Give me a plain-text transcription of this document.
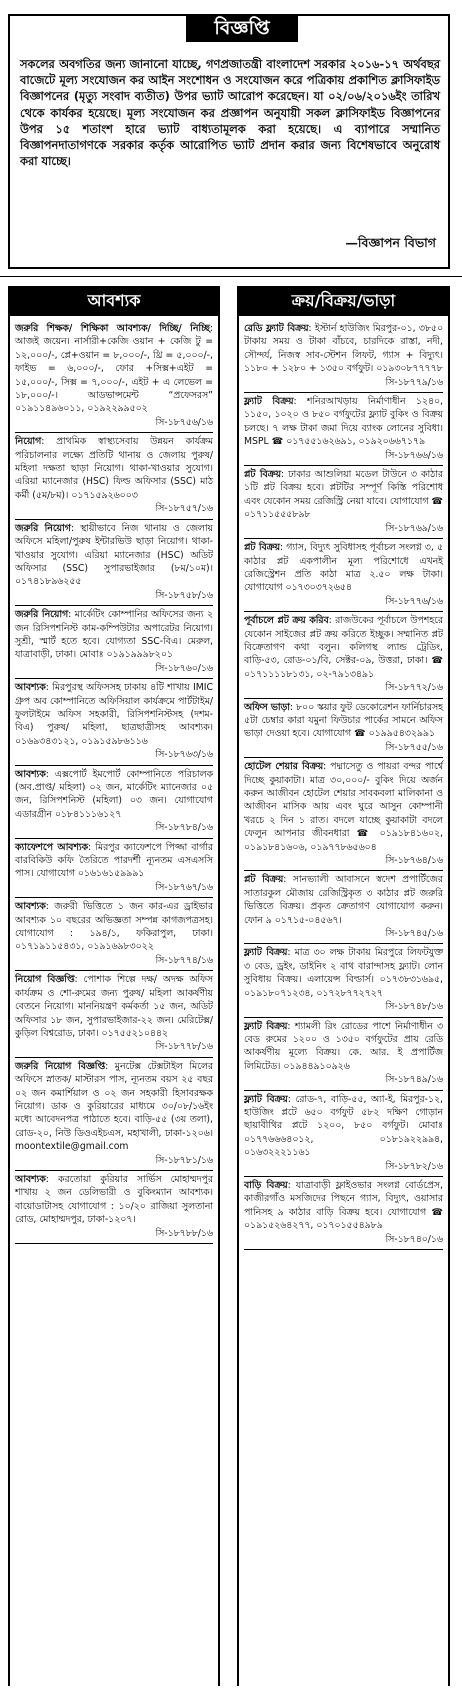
বিজ্ঞপ্তি

সকলের অবগতির জন্য জানানো যাচ্ছে, গণপ্রজাতন্ত্রী বাংলাদেশ সরকার ২০১৬-১৭ অর্থবছর বাজেটে মূল্য সংযোজন কর আইন সংশোধন ও সংযোজন করে পত্রিকায় প্রকাশিত ক্লাসিফাইড বিজ্ঞাপনের (মৃত্যু সংবাদ ব্যতীত) উপর ভ্যাট আরোপ করেছেন। যা ০২/০৬/২০১৬ইং তারিখ থেকে কার্যকর হয়েছে। মূল্য সংযোজন কর প্রজ্ঞাপন অনুযায়ী সকল ক্লাসিফাইড বিজ্ঞাপনের উপর ১৫ শতাংশ হারে ভ্যাট বাধ্যতামূলক করা হয়েছে। এ ব্যাপারে সম্মানিত বিজ্ঞাপনদাতাগণকে সরকার কর্তৃক আরোপিত ভ্যাট প্রদান করার জন্য বিশেষভাবে অনুরোধ করা যাচ্ছে।

—বিজ্ঞাপন বিভাগ
আবশ্যক

জরুরি শিক্ষক/ শিক্ষিকা আবশ্যক/ দিচ্ছি/ নিচ্ছি: আজই জয়েন। নার্সারী+কেজি ওয়ান + কেজি টু = ১২,০০০/-, প্লে+ওয়ান = ৮,০০০/-, থ্রি = ৫,০০০/-, ফাইভ = ৬,০০০/-, ফোর +সিক্স+এইট = ১৫,০০০/-, সিক্স = ৭,০০০/-, এইট + এ লেভেল = ১৮,০০০/-। আডভান্সমেন্ট “প্রফেসরস” ০১৯১১৪৯৬০১১, ০১৯২২৯৯৫০২
সি-১৮৭৫৬/১৬

নিয়োগ: প্রাথমিক স্বাস্থ্যসেবায় উন্নয়ন কার্যক্রম পরিচালনার লক্ষ্যে প্রতিটি থানায় ও জেলায় পুরুষ/ মহিলা দক্ষতা ছাড়া নিয়োগ। থাকা-খাওয়ার সুযোগ। এরিয়া ম্যানেজার (HSC) ফিল্ড অফিসার (SSC) মাঠ কর্মী (৫ম/৮ম)। ০১৭১৫৯২৬০০৩
সি-১৮৭৫৭/১৬

জরুরি নিয়োগ: স্থায়ীভাবে নিজ থানায় ও জেলায় অফিসে মহিলা/পুরুষ ইন্টারভিউ ছাড়া নিয়োগ। থাকা-খাওয়ার সুযোগ। এরিয়া ম্যানেজার (HSC) অডিট অফিসার (SSC) সুপারভাইজার (৮ম/১০ম)। ০১৭৪১৮৯৬২৫৫
সি-১৮৭৫৮/১৬

জরুরি নিয়োগ: মার্কেটিং কোম্পানির অফিসের জন্য ২ জন রিসিপশনিস্ট কাম-কম্পিউটার অপারেটর নিয়োগ। সুশ্রী, স্মার্ট হতে হবে। যোগ্যতা SSC-বিএ। মেরুল, যাত্রাবাড়ী, ঢাকা। মোবাঃ ০১৯১৯৯৯৮২০১
সি-১৮৭৬০/১৬

আবশ্যক: মিরপুরস্থ অফিসসহ ঢাকায় ৪টি শাখায় IMIC গ্রুপ অব কোম্পানিতে অফিসিয়াল কার্যক্রমে পার্টটাইম/ ফুলটাইমে অফিস সহকারী, রিসিপশনিস্টসহ (দশম-বিএ) পুরুষ/ মহিলা, ছাত্রছাত্রীসহ আবশ্যক। ০১৬৯৩৪৩১২১, ০১৯১৫৯৮৬১১৬
সি-১৮৭৬৩/১৬

আবশ্যক: এক্সপোর্ট ইমপোর্ট কোম্পানিতে পরিচালক (অব.প্রাপ্ত/ মহিলা) ০২ জন, মার্কেটিং ম্যানেজার ০৫ জন, রিসিপশনিস্ট (মহিলা) ০৩ জন। যোগাযোগ এডারগ্রীন ০১৮৪১১১৬১২৭
সি-১৮৭৮৪/১৬

ক্যাফেশপে আবশ্যক: মিরপুর ক্যাফেশপে পিজ্জা বার্গার বারবিকিউ কফি তৈরিতে পারদর্শী ন্যূনতম এসএসসি পাস। যোগাযোগ ০১৬১৬১৫৯৯৯১
সি-১৮৭৬৭/১৬

আবশ্যক: জরুরী ভিত্তিতে ১ জন কার-এর ড্রাইভার আবশ্যক ১০ বছরের অভিজ্ঞতা সম্পন্ন কাগজপত্রসহ। যোগাযোগ : ১৯৪/১, ফকিরাপুল, ঢাকা। ০১৭১৯১১৫৪৩১, ০১৯১৬৯৮৩০২২
সি-১৮৭৭৪/১৬

নিয়োগ বিজ্ঞপ্তি: পোশাক শিল্পে দক্ষ/ অদক্ষ অফিস কার্যক্রম ও শো-রুমের জন্য পুরুষ/ মহিলা আকর্ষণীয় বেতনে নিয়োগ। মাননিয়ন্ত্রণ কর্মকর্তা ১৫ জন, অডিট অফিসার ১৮ জন, সুপারভাইজার-২২ জন। মেরিটেক্স/ কুড়িল বিশ্বরোড, ঢাকা। ০১৭৫৫২১০৪৪২
সি-১৮৭৭৮/১৬

জরুরি নিয়োগ বিজ্ঞপ্তি: মুনটেক্স টেক্সটাইল মিলের অফিসে স্নাতক/ মাস্টারস পাস, ন্যূনতম বয়স ২৫ বছর ০২ জন কমার্শিয়াল ও ০২ জন সহকারী হিসাবরক্ষক নিয়োগ। ডাক ও কুরিয়ারের মাধ্যমে ৩০/০৮/১৬ইং মধ্যে আবেদনপত্র পাঠাতে হবে। বাড়ি-৫৫ (৩য় তলা), রোড-২০, নিউ ডিওএইচএস, মহাখালী, ঢাকা-১২০৬। moontextile@gmail.com
সি-১৮৭৮১/১৬

আবশ্যক: করতোয়া কুরিয়ার সার্ভিস মোহাম্মদপুর শাখায় ২ জন ডেলিভারী ও বুকিংম্যান আবশ্যক। বায়োডাটাসহ যোগাযোগ : ১০/২০ রাজিয়া সুলতানা রোড, মোহাম্মদপুর, ঢাকা-১২০৭।
সি-১৮৭৮৮/১৬

ক্রয়/বিক্রয়/ভাড়া

রেডি ফ্ল্যাট বিক্রয়: ইস্টার্ন হাউজিং মিরপুর-০১, ৩৮৫০ টাকায় সময় ও টাকা বাঁচবে, চারদিকে রাস্তা, নদী, সৌন্দর্য, নিজস্ব সাব-স্টেশন লিফট, গ্যাস + বিদ্যুৎ। ১১৮০ + ১২৮০ + ১৩৫০ বর্গফুট। ০১৯৩০৮৭৭৭৭৮
সি-১৮৭৭৯/১৬

ফ্ল্যাট বিক্রয়: শনিরআখড়ায় নির্মাণাধীন ১২৪০, ১১৫০, ১০২০ ও ৮৫০ বর্গফুটের ফ্ল্যাট বুকিং ও বিক্রয় চলছে। ৭ লক্ষ টাকা জমা দিয়ে ব্যাংক লোনের সুবিধা। MSPL ☎ ০১৭৫৫১৬২৬৯১, ০১৯২০৬৬৭১৭৯
সি-১৮৭৬৬/১৬

প্লট বিক্রয়: ঢাকার আশুলিয়া মডেল টাউনে ৩ কাঠার ১টি প্লট বিক্রয় হবে। প্লটটির সম্পূর্ণ কিস্তি পরিশোধ এবং যেকোন সময় রেজিস্ট্রি নেয়া যাবে। যোগাযোগ ☎ ০১৭১১৫৫৫৮৯৮
সি-১৮৭৬৯/১৬

প্লট বিক্রয়: গ্যাস, বিদ্যুৎ সুবিধাসহ পূর্বাচল সংলগ্ন ৩, ৫ কাঠার প্লট একপালীন মূল্য পরিশোধে এখনই রেজিস্ট্রেশন প্রতি কাঠা মাত্র ২.৫০ লক্ষ টাকা। যোগাযোগ ০১৭৩০৩৭২৬৫৪
সি-১৮৭৭৬/১৬

পূর্বাচলে প্লট ক্রয় করিব: রাজউকের পূর্বাচলে উপশহরে যেকোন সাইজের প্লট ক্রয় করিতে ইচ্ছুক। সম্মানিত প্লট বিক্রেতাগণ কথা বলুন। কলিগস্থ ল্যান্ড ট্রেডিং, বাড়ি-৫৩, রোড-০১/বি, সেক্টর-০৯, উত্তরা, ঢাকা। ☎ ০১৭১১১১৮১৩১, ০২-৭৯১৩৪৯১
সি-১৮৭৭২/১৬

অফিস ভাড়া: ৮০০ স্কয়ার ফুট ডেকোরেশন ফার্নিচারসহ ৫টা চেম্বার কারা যমুনা ফিউচার পার্কের সামনে অফিস ভাড়া দেওয়া হবে। যোগাযোগ ☎ ০১৯৯৫৪৩২৯৯১
সি-১৮৭৫৫/১৬

হোটেল শেয়ার বিক্রয়: পদ্মাসেতু ও পায়রা বন্দর পার্শ্বে দিচ্ছে কুয়াকাটা। মাত্র ৩০,০০০/- বুকিং দিয়ে অর্জন করুন আজীবন হোটেল শেয়ার সাবকবলা মালিকানা ও আজীবন মাসিক আয় এবং ঘুরে আসুন কোম্পানী খরচে ২ দিন ১ রাত। বদলে যাচ্ছে কুয়াকাটা বদলে ফেলুন আপনার জীবনধারা ☎ ০১৯১৮৪১৬০২, ০১৯১৮৪১৬০৬, ০১৯৭৭৮৬৫৬০৪
সি-১৮৭৬৪/১৬

প্লট বিক্রয়: সানভ্যালী আবাসনে স্বদেশ প্রপার্টিজের সাতারকুল মৌজায় রেজিস্ট্রিকৃত ৩ কাঠার প্লট জরুরি ভিত্তিতে বিক্রয়। প্রকৃত ক্রেতাগণ যোগাযোগ করুন। ফোন ৯ ০১৭১৫-০৪৫৬৭।
সি-১৮৭৪৫/১৬

ফ্ল্যাট বিক্রয়: মাত্র ৩০ লক্ষ টাকায় মিরপুরে লিফটযুক্ত ৩ বেড, ড্রইং, ডাইনিং ২ বাথ বারান্দাসহ ফ্ল্যাট। লোন সুবিধায় বিক্রয়। এলায়েন্স বিল্ডার্স। ০১৭৩৮৩১৬৯৫, ০১৯১৮০৭১২৩৪, ০১৭২৮৭৭২৭২৭
সি-১৮৭৪৮/১৬

ফ্ল্যাট বিক্রয়: শ্যামলী রিং রোডের পাশে নির্মাণাধীন ৩ বেড রুমের ১২০০ ও ১৩৫০ বর্গফুটের প্রায় রেডি আকর্ষণীয় মূল্যে বিক্রয়। কে. আর. ই প্রপার্টিজ লিমিটেড। ০১৯৪৪৯১০৯২৬
সি-১৮৭৪৯/১৬

ফ্ল্যাট বিক্রয়: রোড-৭, বাড়ি-৫৫, অ্যা-ই, মিরপুর-১২, হাউজিং প্লটে ৬৫০ বর্গফুট ৫৮২ দক্ষিণ গোড়ান ছায়াবীথির প্লটে ১২০০, ৮৫০ বর্গফুট। মোবাঃ ০১৭৭৬৬৬৪০১২, ০১৮১৯২২৯৯৪, ০১৬৩২২২১১৬১
সি-১৮৭৮২/১৬

বাড়ি বিক্রয়: যাত্রাবাড়ী ফ্লাইওভার সংলগ্ন বোর্ডপ্রেস, কাজীরগাঁও মসজিদের পিছনে গ্যাস, বিদ্যুৎ, ওয়াসার পানিসহ ৯ কাঠার বাড়ি বিক্রয় হবে। যোগাযোগ ☎ ০১৯১৫২৬৪২৭৭, ০১৭০১৫৫৪৯৮৯
সি-১৮৭৪০/১৬
